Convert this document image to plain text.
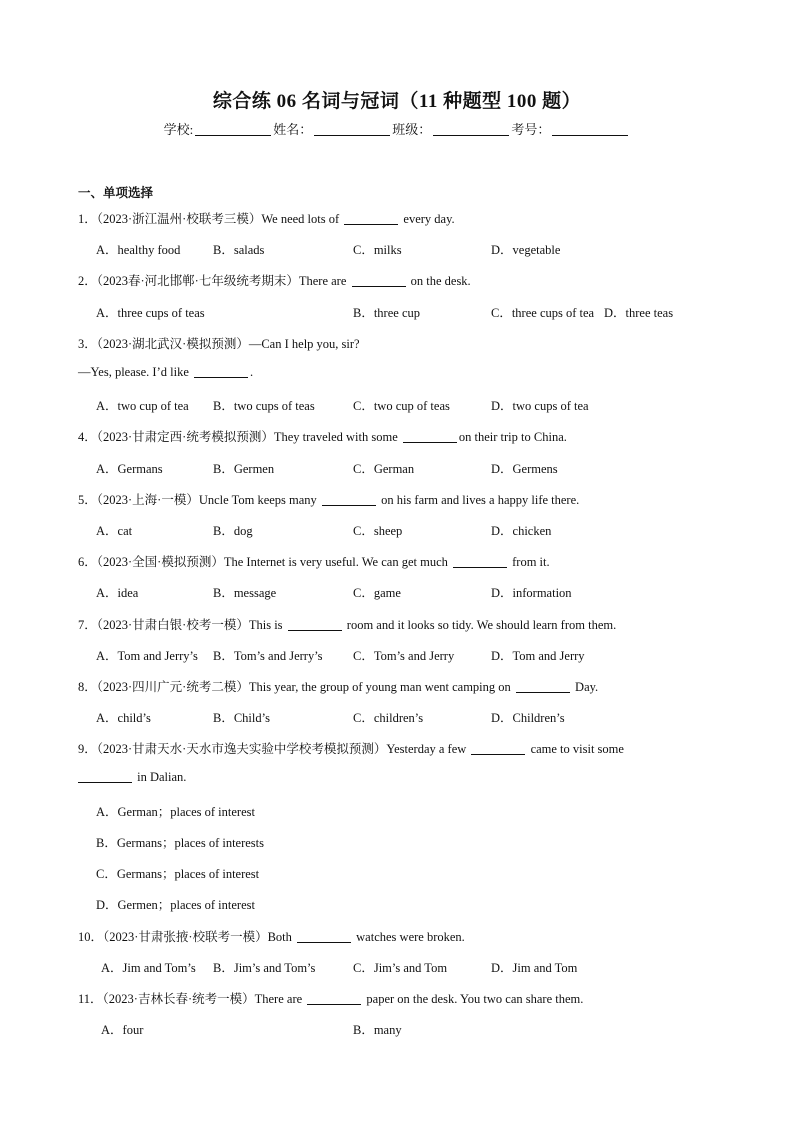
综合练 06 名词与冠词（11 种题型 100 题）
学校:	姓名：	班级：	考号：
一、单项选择
1．（2023·浙江温州·校联考三模）We need lots of	every day.
A．healthy food	B．salads	C．milks	D．vegetable
2．（2023春·河北邯郸·七年级统考期末）There are	on the desk.
A．three cups of teas	B．three cup	C．three cups of tea D．three teas
3．（2023·湖北武汉·模拟预测）—Can I help you, sir?
—Yes, please. I’d like	.
A．two cup of tea B．two cups of teas	C．two cup of teas	D．two cups of tea
4．（2023·甘肃定西·统考模拟预测）They traveled with some	on their trip to China.
A．Germans	B．Germen	C．German	D．Germens
5．（2023·上海·一模）Uncle Tom keeps many	on his farm and lives a happy life there.
A．cat	B．dog	C．sheep	D．chicken
6．（2023·全国·模拟预测）The Internet is very useful. We can get much	from it.
A．idea	B．message	C．game	D．information
7．（2023·甘肃白银·校考一模）This is	room and it looks so tidy. We should learn from them.
A．Tom and Jerry’s B．Tom’s and Jerry’s C．Tom’s and Jerry	D．Tom and Jerry
8．（2023·四川广元·统考二模）This year, the group of young man went camping on	Day.
A．child’s	B．Child’s	C．children’s	D．Children’s
9．（2023·甘肃天水·天水市逸夫实验中学校考模拟预测）Yesterday a few	came to visit some
in Dalian.
A．German；places of interest
B．Germans；places of interests
C．Germans；places of interest
D．Germen；places of interest
10．（2023·甘肃张掖·校联考一模）Both	watches were broken.
A．Jim and Tom’s B．Jim’s and Tom’s	C．Jim’s and Tom	D．Jim and Tom
11．（2023·吉林长春·统考一模）There are	paper on the desk. You two can share them.
A．four	B．many
